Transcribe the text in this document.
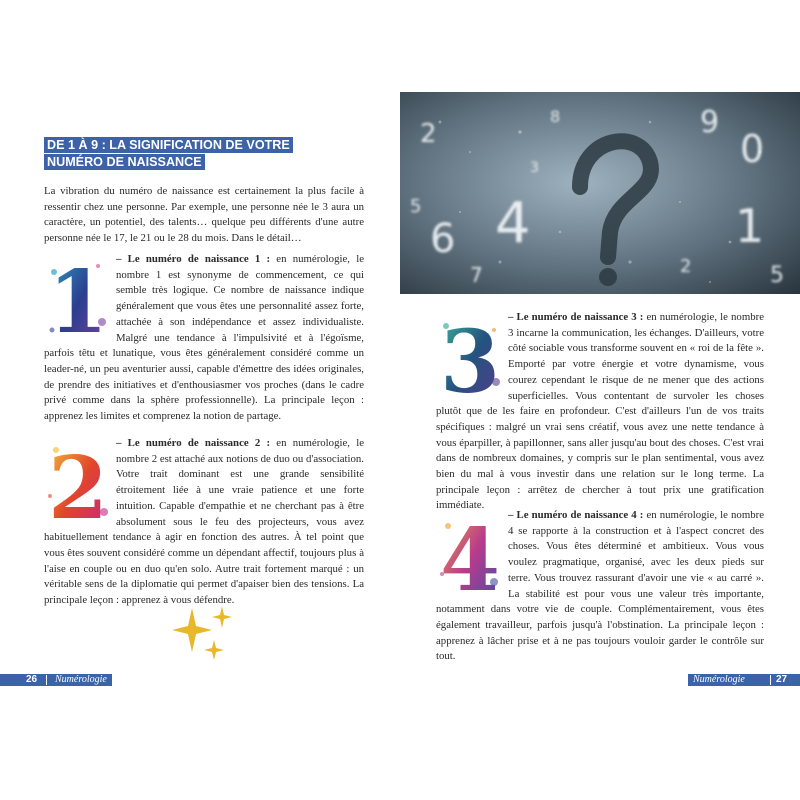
DE 1 À 9 : LA SIGNIFICATION DE VOTRE NUMÉRO DE NAISSANCE

La vibration du numéro de naissance est certainement la plus facile à ressentir chez une personne. Par exemple, une personne née le 3 aura un caractère, un potentiel, des talents… quelque peu différents d'une autre personne née le 17, le 21 ou le 28 du mois. Dans le détail…

1 – Le numéro de naissance 1 : en numérologie, le nombre 1 est synonyme de commencement, ce qui semble très logique. Ce nombre de naissance indique généralement que vous êtes une personnalité assez forte, attachée à son indépendance et assez individualiste. Malgré une tendance à l'impulsivité et à l'égoïsme, parfois têtu et lunatique, vous êtes généralement considéré comme un leader-né, un peu aventurier aussi, capable d'émettre des idées originales, de prendre des initiatives et d'enthousiasmer vos proches (dans le cadre privé comme dans la sphère professionnelle). La principale leçon : apprenez les limites et comprenez la notion de partage.

2 – Le numéro de naissance 2 : en numérologie, le nombre 2 est attaché aux notions de duo ou d'association. Votre trait dominant est une grande sensibilité étroitement liée à une vraie patience et une forte intuition. Capable d'empathie et ne cherchant pas à être absolument sous le feu des projecteurs, vous avez habituellement tendance à agir en fonction des autres. À tel point que vous êtes souvent considéré comme un dépendant affectif, toujours plus à l'aise en couple ou en duo qu'en solo. Autre trait fortement marqué : un véritable sens de la diplomatie qui permet d'apaiser bien des tensions. La principale leçon : apprenez à vous défendre.

26 Numérologie
2
5
6 4
7
3
8	9
0
1
2	5
3 – Le numéro de naissance 3 : en numérologie, le nombre 3 incarne la communication, les échanges. D'ailleurs, votre côté sociable vous transforme souvent en « roi de la fête ». Emporté par votre énergie et votre dynamisme, vous courez cependant le risque de ne mener que des actions superficielles. Vous contentant de survoler les choses plutôt que de les faire en profondeur. C'est d'ailleurs l'un de vos traits spécifiques : malgré un vrai sens créatif, vous avez une nette tendance à vous éparpiller, à papillonner, sans aller jusqu'au bout des choses. C'est vrai dans de nombreux domaines, y compris sur le plan sentimental, vous avez bien du mal à vous investir dans une relation sur le long terme. La principale leçon : arrêtez de chercher à tout prix une gratification immédiate.

4 – Le numéro de naissance 4 : en numérologie, le nombre 4 se rapporte à la construction et à l'aspect concret des choses. Vous êtes déterminé et ambitieux. Vous vous voulez pragmatique, organisé, avec les deux pieds sur terre. Vous trouvez rassurant d'avoir une vie « au carré ». La stabilité est pour vous une valeur très importante, notamment dans votre vie de couple. Complémentairement, vous êtes également travailleur, parfois jusqu'à l'obstination. La principale leçon : apprenez à lâcher prise et à ne pas toujours vouloir garder le contrôle sur tout.

Numérologie	27
